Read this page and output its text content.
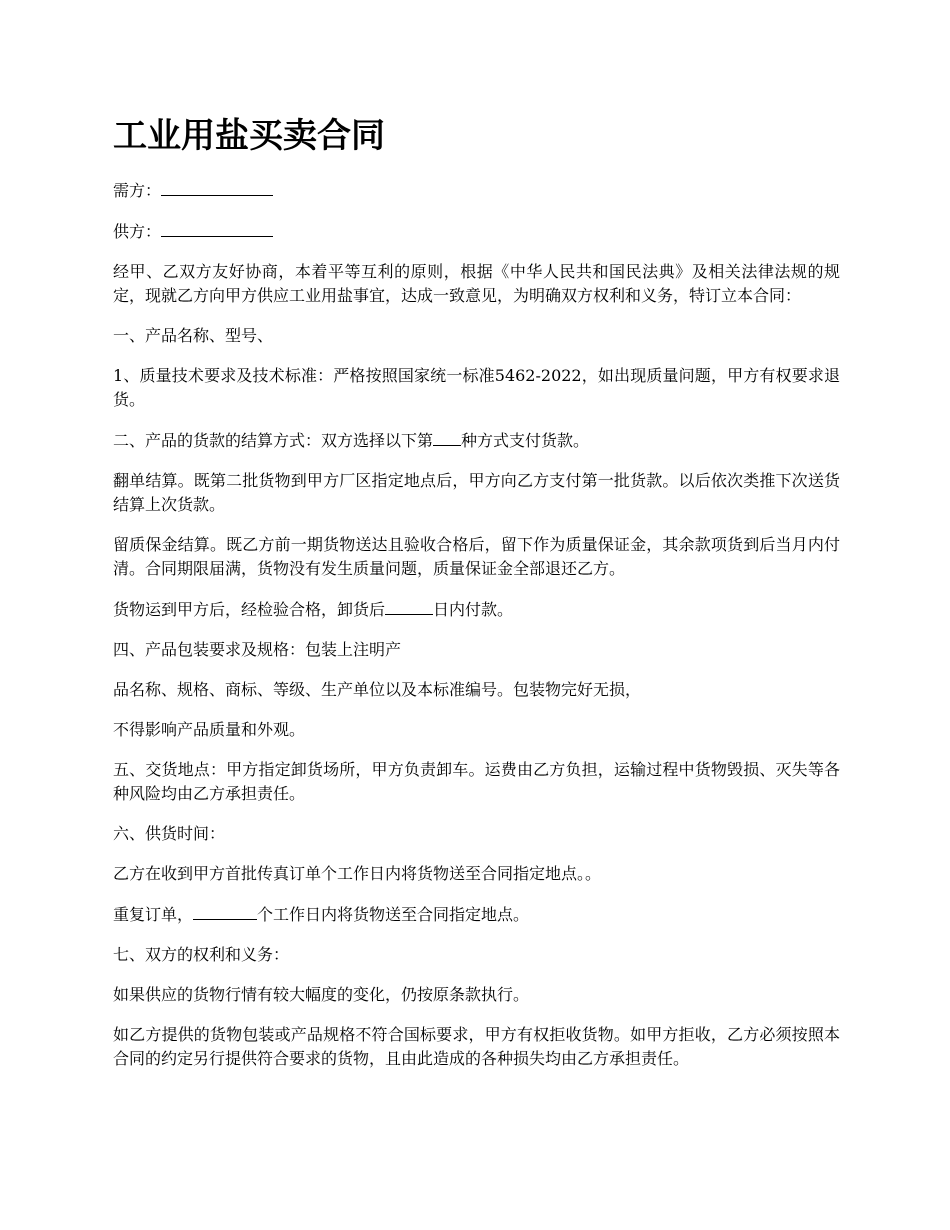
工业用盐买卖合同

需方：

供方：

经甲、乙双方友好协商，本着平等互利的原则，根据《中华人民共和国民法典》及相关法律法规的规定，现就乙方向甲方供应工业用盐事宜，达成一致意见，为明确双方权利和义务，特订立本合同：

一、产品名称、型号、

1、质量技术要求及技术标准：严格按照国家统一标准5462-2022，如出现质量问题，甲方有权要求退货。

二、产品的货款的结算方式：双方选择以下第 种方式支付货款。

翻单结算。既第二批货物到甲方厂区指定地点后，甲方向乙方支付第一批货款。以后依次类推下次送货结算上次货款。

留质保金结算。既乙方前一期货物送达且验收合格后，留下作为质量保证金，其余款项货到后当月内付清。合同期限届满，货物没有发生质量问题，质量保证金全部退还乙方。

货物运到甲方后，经检验合格，卸货后	日内付款。

四、产品包装要求及规格：包装上注明产

品名称、规格、商标、等级、生产单位以及本标准编号。包装物完好无损，

不得影响产品质量和外观。

五、交货地点：甲方指定卸货场所，甲方负责卸车。运费由乙方负担，运输过程中货物毁损、灭失等各种风险均由乙方承担责任。

六、供货时间：

乙方在收到甲方首批传真订单个工作日内将货物送至合同指定地点。。

重复订单，	个工作日内将货物送至合同指定地点。

七、双方的权利和义务：

如果供应的货物行情有较大幅度的变化，仍按原条款执行。

如乙方提供的货物包装或产品规格不符合国标要求，甲方有权拒收货物。如甲方拒收，乙方必须按照本合同的约定另行提供符合要求的货物，且由此造成的各种损失均由乙方承担责任。
